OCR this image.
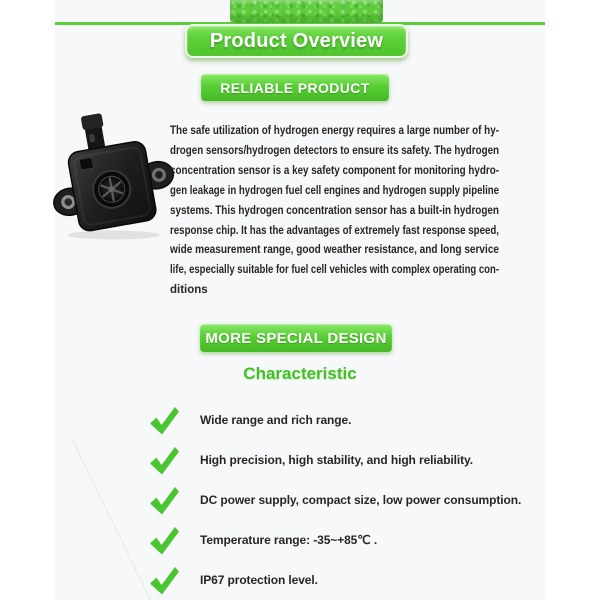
Product Overview
RELIABLE PRODUCT
The safe utilization of hydrogen energy requires a large number of hy-
drogen sensors/hydrogen detectors to ensure its safety. The hydrogen
concentration sensor is a key safety component for monitoring hydro-
gen leakage in hydrogen fuel cell engines and hydrogen supply pipeline
systems. This hydrogen concentration sensor has a built-in hydrogen
response chip. It has the advantages of extremely fast response speed,
wide measurement range, good weather resistance, and long service
life, especially suitable for fuel cell vehicles with complex operating con-
ditions
MORE SPECIAL DESIGN
Characteristic
Wide range and rich range.
High precision, high stability, and high reliability.
DC power supply, compact size, low power consumption.
Temperature range: -35~+85℃ .
IP67 protection level.
